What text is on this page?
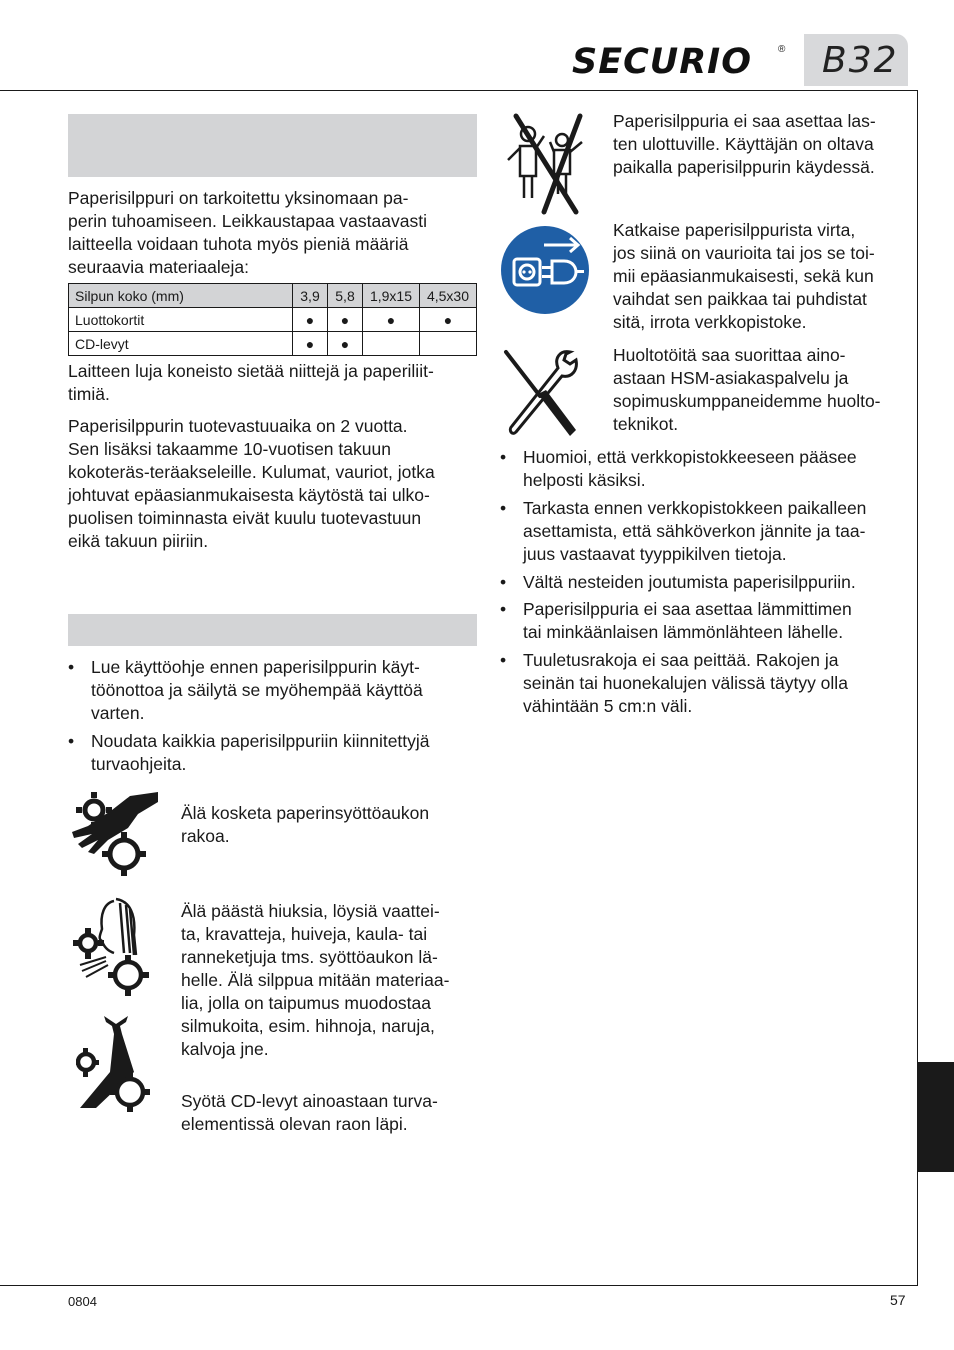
SECURIO	® B32
Paperisilppuri on tarkoitettu yksinomaan pa-
perin tuhoamiseen. Leikkaustapaa vastaavasti
laitteella voidaan tuhota myös pieniä määriä
seuraavia materiaaleja:
Silpun koko (mm)	3,9	5,8	1,9x15	4,5x30
Luottokortit	●	●	●	●
CD-levyt	●	●		
Laitteen luja koneisto sietää niittejä ja paperiliit-
timiä.
Paperisilppurin tuotevastuuaika on 2 vuotta.
Sen lisäksi takaamme 10-vuotisen takuun
kokoteräs-teräakseleille. Kulumat, vauriot, jotka
johtuvat epäasianmukaisesta käytöstä tai ulko-
puolisen toiminnasta eivät kuulu tuotevastuun
eikä takuun piiriin.
• Lue käyttöohje ennen paperisilppurin käyt-
töönottoa ja säilytä se myöhempää käyttöä
varten.
• Noudata kaikkia paperisilppuriin kiinnitettyjä
turvaohjeita.
Älä kosketa paperinsyöttöaukon
rakoa.
Älä päästä hiuksia, löysiä vaattei-
ta, kravatteja, huiveja, kaula- tai
ranneketjuja tms. syöttöaukon lä-
helle. Älä silppua mitään materiaa-
lia, jolla on taipumus muodostaa
silmukoita, esim. hihnoja, naruja,
kalvoja jne.
Syötä CD-levyt ainoastaan turva-
elementissä olevan raon läpi.
Paperisilppuria ei saa asettaa las-
ten ulottuville. Käyttäjän on oltava
paikalla paperisilppurin käydessä.
Katkaise paperisilppurista virta,
jos siinä on vaurioita tai jos se toi-
mii epäasianmukaisesti, sekä kun
vaihdat sen paikkaa tai puhdistat
sitä, irrota verkkopistoke.
Huoltotöitä saa suorittaa aino-
astaan HSM-asiakaspalvelu ja
sopimuskumppaneidemme huolto-
teknikot.
• Huomioi, että verkkopistokkeeseen pääsee
helposti käsiksi.
• Tarkasta ennen verkkopistokkeen paikalleen
asettamista, että sähköverkon jännite ja taa-
juus vastaavat tyyppikilven tietoja.
• Vältä nesteiden joutumista paperisilppuriin.
• Paperisilppuria ei saa asettaa lämmittimen
tai minkäänlaisen lämmönlähteen lähelle.
• Tuuletusrakoja ei saa peittää. Rakojen ja
seinän tai huonekalujen välissä täytyy olla
vähintään 5 cm:n väli.
0804	57
